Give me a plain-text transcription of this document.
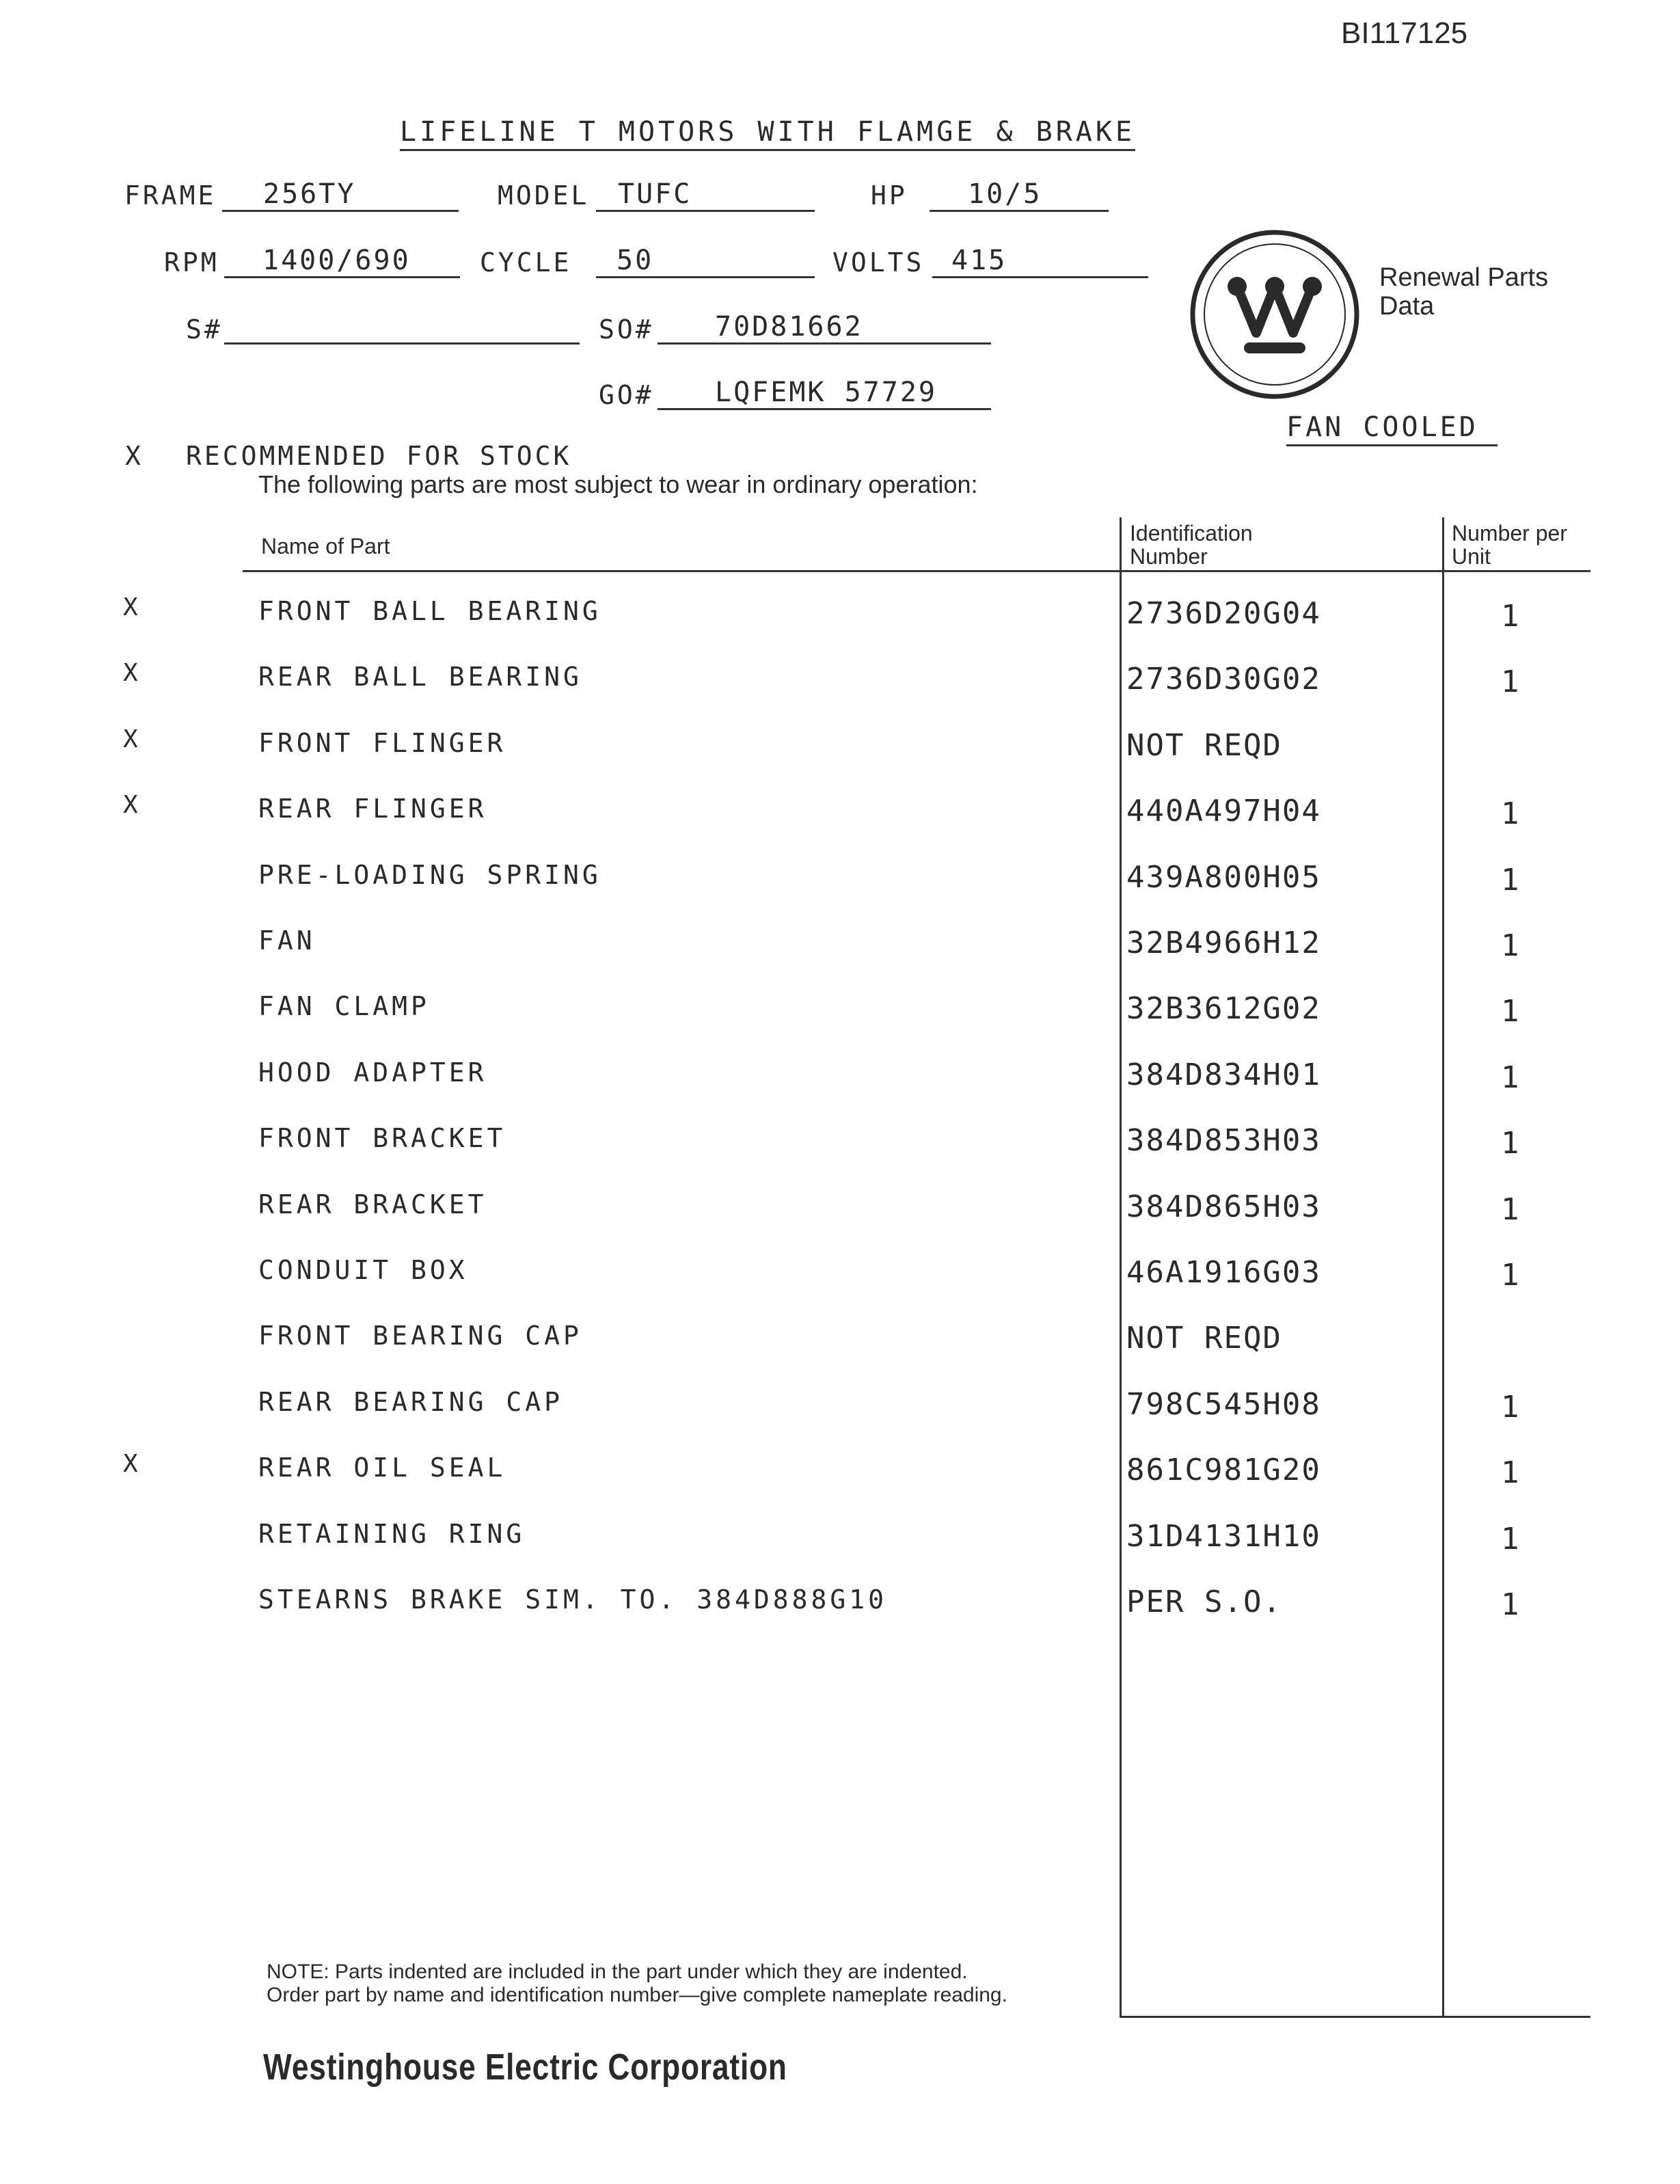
BI117125
LIFELINE T MOTORS WITH FLAMGE & BRAKE
FRAME	256TY	MODEL	TUFC	HP	10/5
RPM	1400/690	CYCLE	50	VOLTS 415
S#	SO#	70D81662
GO#	LQFEMK 57729
Renewal Parts Data
FAN COOLED
X RECOMMENDED FOR STOCK
The following parts are most subject to wear in ordinary operation:
Name of Part
Identification Number
Number per Unit
X	FRONT BALL BEARING	2736D20G04	1
X	REAR BALL BEARING	2736D30G02	1
X	FRONT FLINGER	NOT REQD
X	REAR FLINGER	440A497H04	1
PRE-LOADING SPRING	439A800H05	1
FAN	32B4966H12	1
FAN CLAMP	32B3612G02	1
HOOD ADAPTER	384D834H01	1
FRONT BRACKET	384D853H03	1
REAR BRACKET	384D865H03	1
CONDUIT BOX	46A1916G03	1
FRONT BEARING CAP	NOT REQD
REAR BEARING CAP	798C545H08	1
X	REAR OIL SEAL	861C981G20	1
RETAINING RING	31D4131H10	1
STEARNS BRAKE SIM. TO. 384D888G10	PER S.O.	1
NOTE: Parts indented are included in the part under which they are indented.
Order part by name and identification number—give complete nameplate reading.
Westinghouse Electric Corporation
